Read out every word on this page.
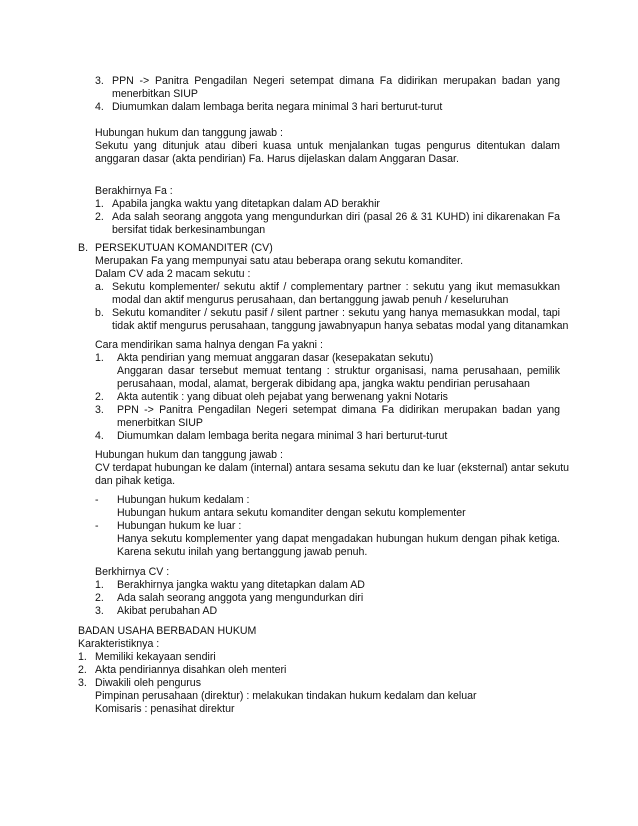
3. PPN -> Panitra Pengadilan Negeri setempat dimana Fa didirikan merupakan badan yang
menerbitkan SIUP
4. Diumumkan dalam lembaga berita negara minimal 3 hari berturut-turut
Hubungan hukum dan tanggung jawab :
Sekutu yang ditunjuk atau diberi kuasa untuk menjalankan tugas pengurus ditentukan dalam
anggaran dasar (akta pendirian) Fa. Harus dijelaskan dalam Anggaran Dasar.
Berakhirnya Fa :
1. Apabila jangka waktu yang ditetapkan dalam AD berakhir
2. Ada salah seorang anggota yang mengundurkan diri (pasal 26 & 31 KUHD) ini dikarenakan Fa
bersifat tidak berkesinambungan
B. PERSEKUTUAN KOMANDITER (CV)
Merupakan Fa yang mempunyai satu atau beberapa orang sekutu komanditer.
Dalam CV ada 2 macam sekutu :
a. Sekutu komplementer/ sekutu aktif / complementary partner : sekutu yang ikut memasukkan
modal dan aktif mengurus perusahaan, dan bertanggung jawab penuh / keseluruhan
b. Sekutu komanditer / sekutu pasif / silent partner : sekutu yang hanya memasukkan modal, tapi
tidak aktif mengurus perusahaan, tanggung jawabnyapun hanya sebatas modal yang ditanamkan
Cara mendirikan sama halnya dengan Fa yakni :
1. Akta pendirian yang memuat anggaran dasar (kesepakatan sekutu)
Anggaran dasar tersebut memuat tentang : struktur organisasi, nama perusahaan, pemilik
perusahaan, modal, alamat, bergerak dibidang apa, jangka waktu pendirian perusahaan
2. Akta autentik : yang dibuat oleh pejabat yang berwenang yakni Notaris
3. PPN -> Panitra Pengadilan Negeri setempat dimana Fa didirikan merupakan badan yang
menerbitkan SIUP
4. Diumumkan dalam lembaga berita negara minimal 3 hari berturut-turut
Hubungan hukum dan tanggung jawab :
CV terdapat hubungan ke dalam (internal) antara sesama sekutu dan ke luar (eksternal) antar sekutu
dan pihak ketiga.
- Hubungan hukum kedalam :
Hubungan hukum antara sekutu komanditer dengan sekutu komplementer
- Hubungan hukum ke luar :
Hanya sekutu komplementer yang dapat mengadakan hubungan hukum dengan pihak ketiga.
Karena sekutu inilah yang bertanggung jawab penuh.
Berkhirnya CV :
1. Berakhirnya jangka waktu yang ditetapkan dalam AD
2. Ada salah seorang anggota yang mengundurkan diri
3. Akibat perubahan AD
BADAN USAHA BERBADAN HUKUM
Karakteristiknya :
1. Memiliki kekayaan sendiri
2. Akta pendiriannya disahkan oleh menteri
3. Diwakili oleh pengurus
Pimpinan perusahaan (direktur) : melakukan tindakan hukum kedalam dan keluar
Komisaris : penasihat direktur
